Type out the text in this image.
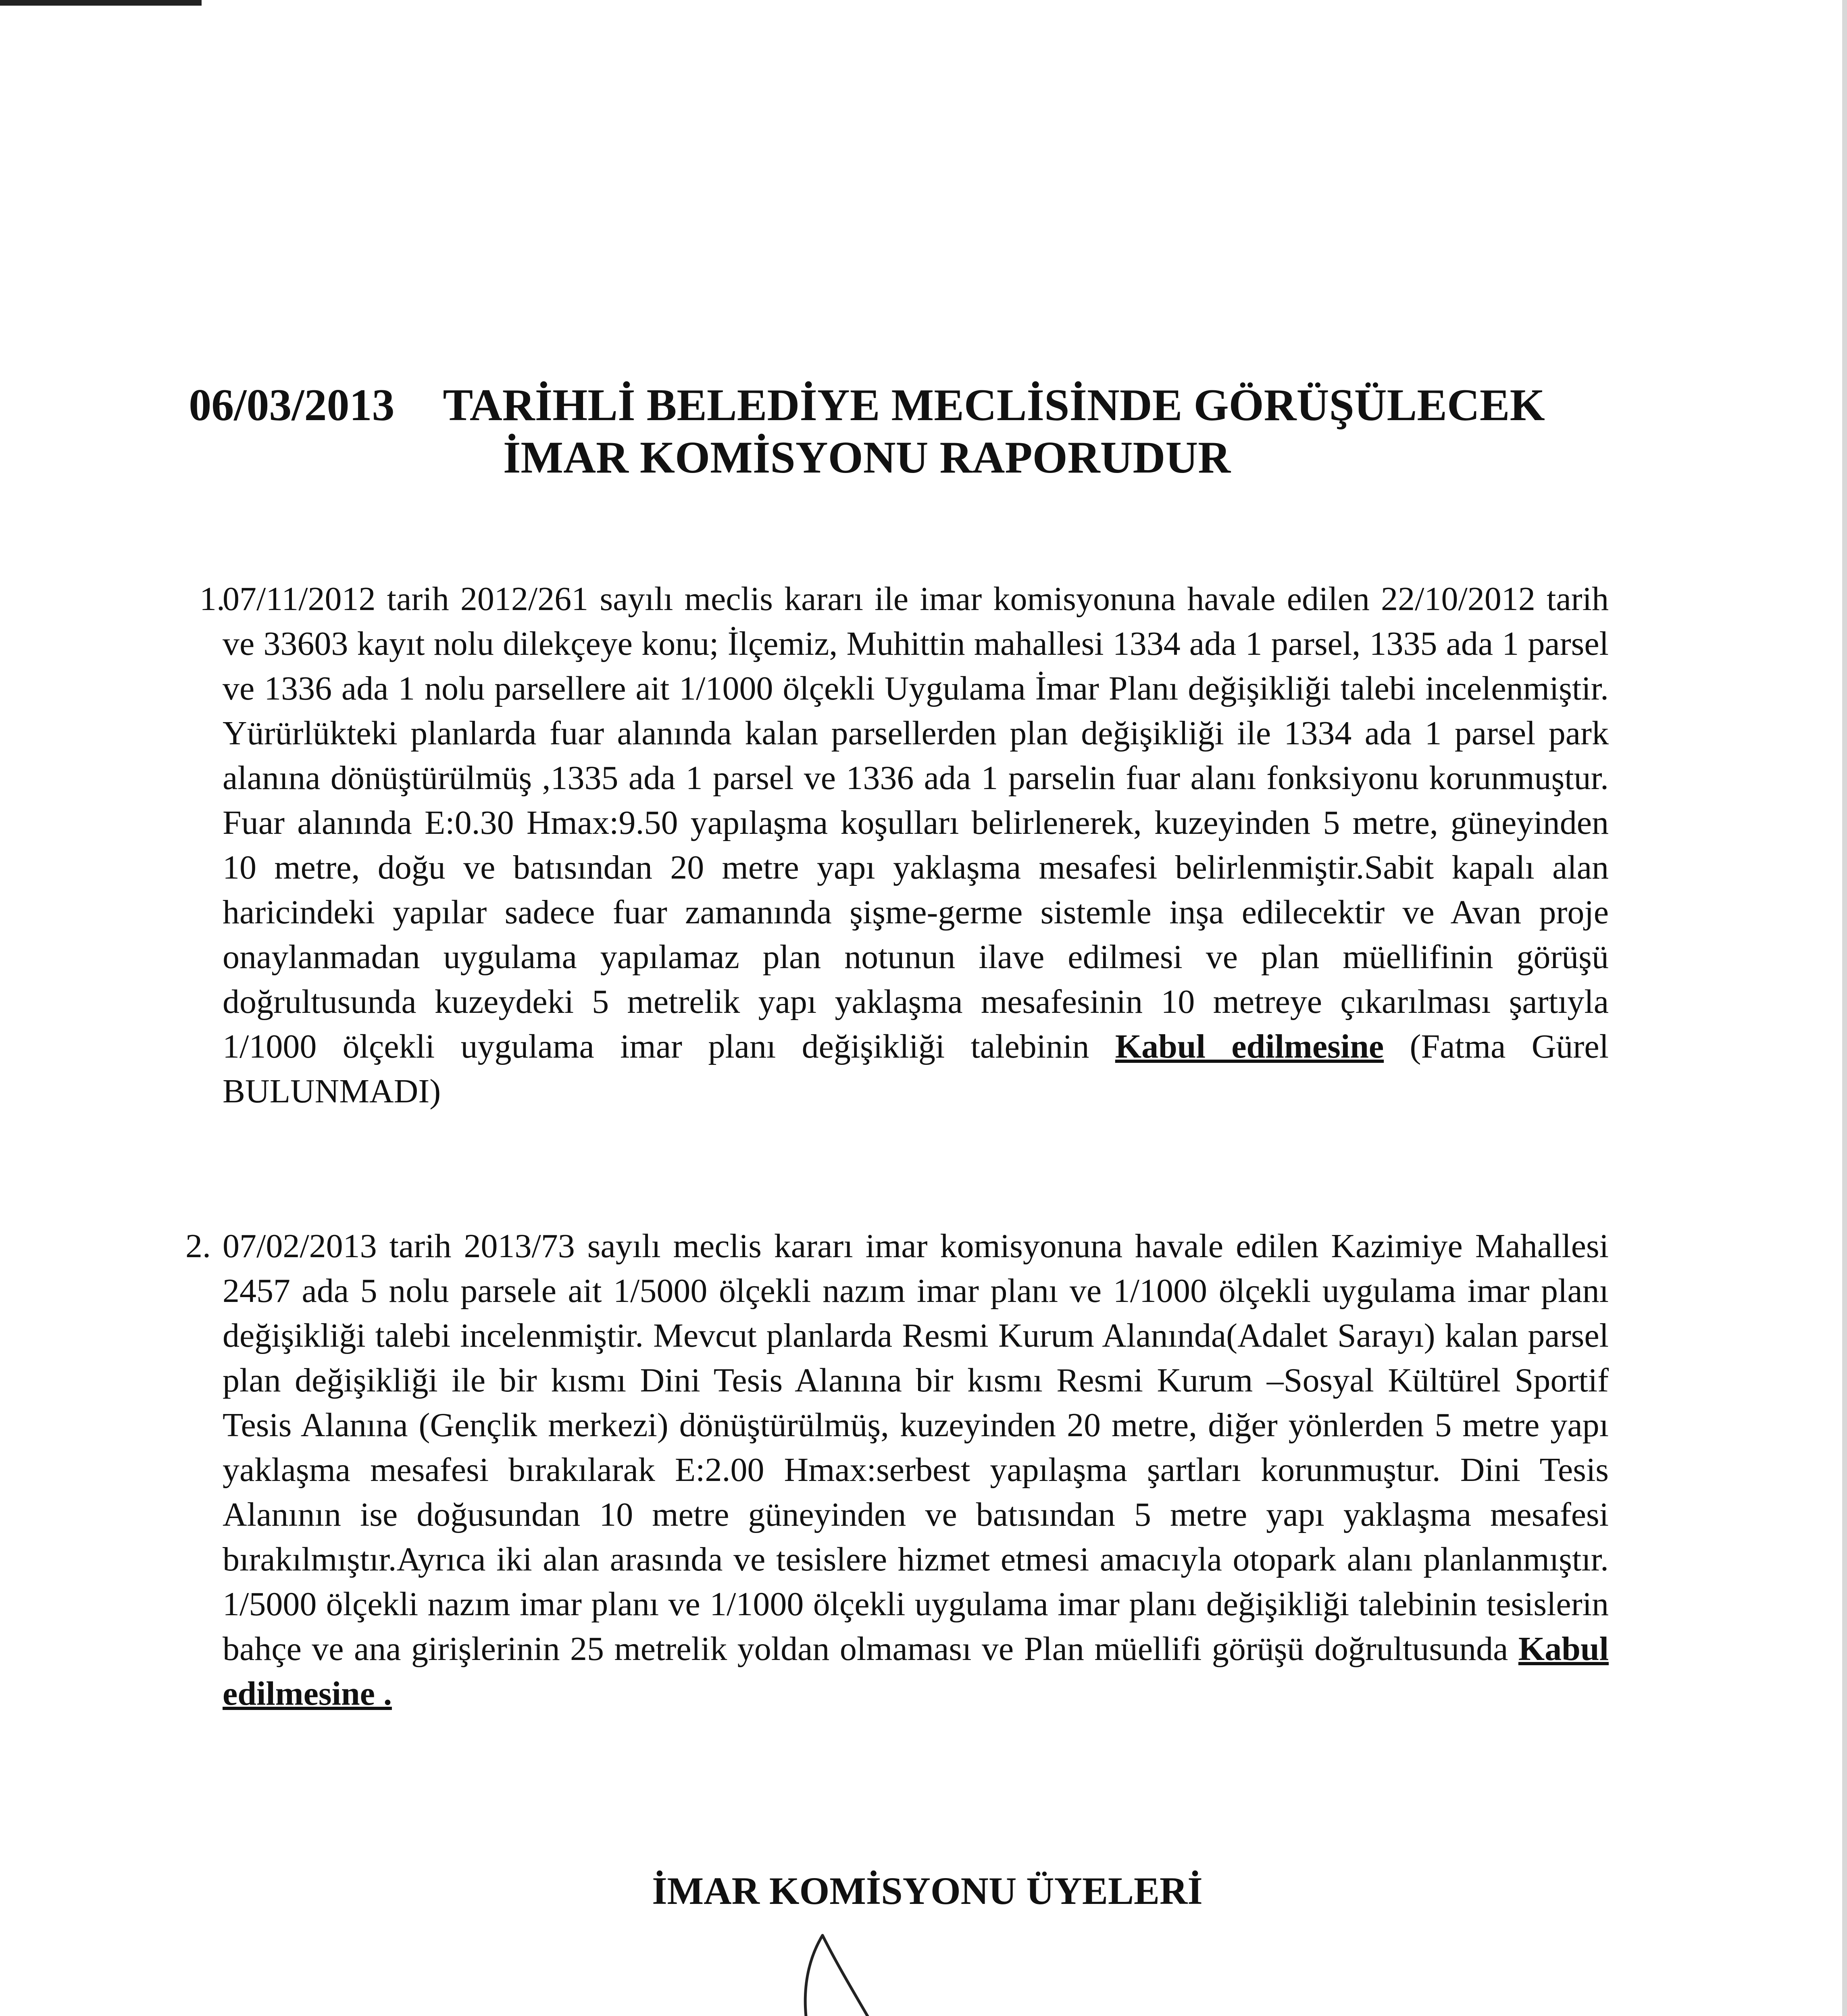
06/03/2013 TARİHLİ BELEDİYE MECLİSİNDE GÖRÜŞÜLECEK
İMAR KOMİSYONU RAPORUDUR
1.
07/11/2012 tarih 2012/261 sayılı meclis kararı ile imar komisyonuna havale edilen 22/10/2012 tarih ve 33603 kayıt nolu dilekçeye konu; İlçemiz, Muhittin mahallesi 1334 ada 1 parsel, 1335 ada 1 parsel ve 1336 ada 1 nolu parsellere ait 1/1000 ölçekli Uygulama İmar Planı değişikliği talebi incelenmiştir. Yürürlükteki planlarda fuar alanında kalan parsellerden plan değişikliği ile 1334 ada 1 parsel park alanına dönüştürülmüş ,1335 ada 1 parsel ve 1336 ada 1 parselin fuar alanı fonksiyonu korunmuştur. Fuar alanında E:0.30 Hmax:9.50 yapılaşma koşulları belirlenerek, kuzeyinden 5 metre, güneyinden 10 metre, doğu ve batısından 20 metre yapı yaklaşma mesafesi belirlenmiştir.Sabit kapalı alan haricindeki yapılar sadece fuar zamanında şişme-germe sistemle inşa edilecektir ve Avan proje onaylanmadan uygulama yapılamaz plan notunun ilave edilmesi ve plan müellifinin görüşü doğrultusunda kuzeydeki 5 metrelik yapı yaklaşma mesafesinin 10 metreye çıkarılması şartıyla 1/1000 ölçekli uygulama imar planı değişikliği talebinin Kabul edilmesine (Fatma Gürel BULUNMADI)
2. 07/02/2013 tarih 2013/73 sayılı meclis kararı imar komisyonuna havale edilen Kazimiye Mahallesi 2457 ada 5 nolu parsele ait 1/5000 ölçekli nazım imar planı ve 1/1000 ölçekli uygulama imar planı değişikliği talebi incelenmiştir. Mevcut planlarda Resmi Kurum Alanında(Adalet Sarayı) kalan parsel plan değişikliği ile bir kısmı Dini Tesis Alanına bir kısmı Resmi Kurum –Sosyal Kültürel Sportif Tesis Alanına (Gençlik merkezi) dönüştürülmüş, kuzeyinden 20 metre, diğer yönlerden 5 metre yapı yaklaşma mesafesi bırakılarak E:2.00 Hmax:serbest yapılaşma şartları korunmuştur. Dini Tesis Alanının ise doğusundan 10 metre güneyinden ve batısından 5 metre yapı yaklaşma mesafesi bırakılmıştır.Ayrıca iki alan arasında ve tesislere hizmet etmesi amacıyla otopark alanı planlanmıştır. 1/5000 ölçekli nazım imar planı ve 1/1000 ölçekli uygulama imar planı değişikliği talebinin tesislerin bahçe ve ana girişlerinin 25 metrelik yoldan olmaması ve Plan müellifi görüşü doğrultusunda Kabul edilmesine .
İMAR KOMİSYONU ÜYELERİ
